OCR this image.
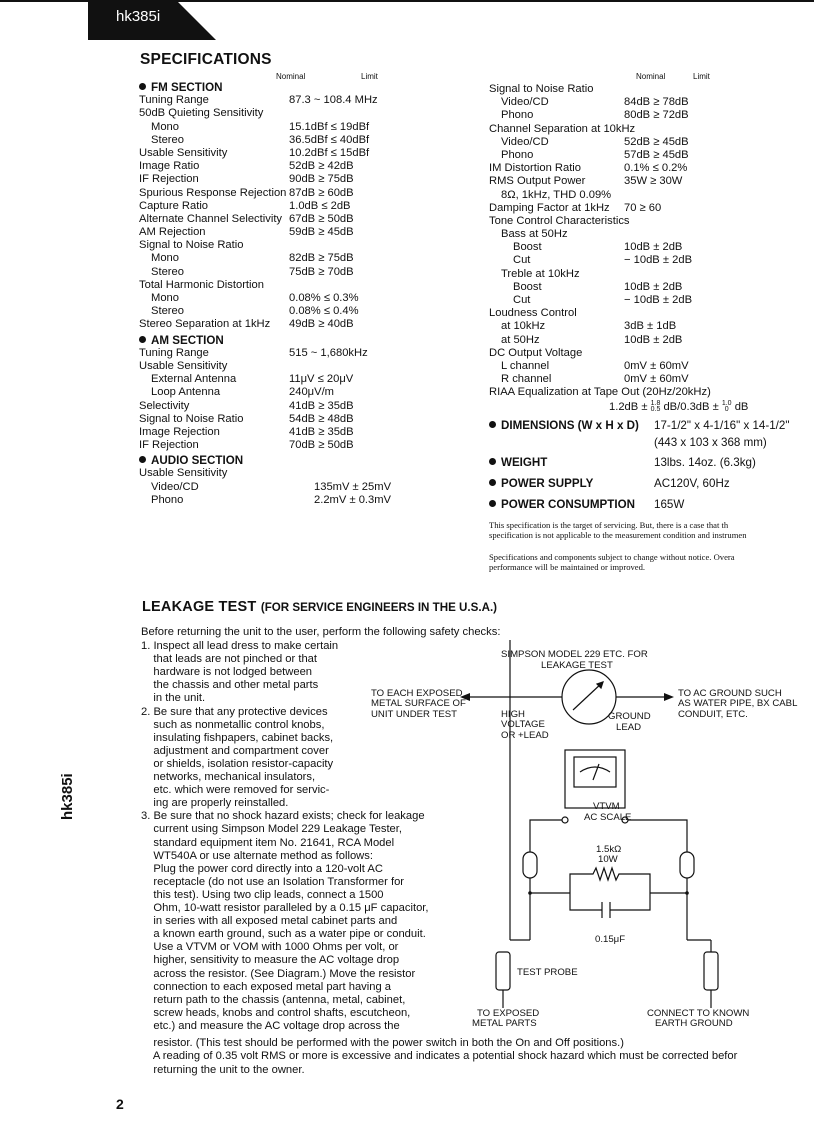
hk385i
SPECIFICATIONS
Nominal	Limit
FM SECTION
Tuning Range	87.3 ~ 108.4 MHz
50dB Quieting Sensitivity
Mono	15.1dBf ≤ 19dBf
Stereo	36.5dBf ≤ 40dBf
Usable Sensitivity	10.2dBf ≤ 15dBf
Image Ratio	52dB ≥ 42dB
IF Rejection	90dB ≥ 75dB
Spurious Response Rejection 87dB ≥ 60dB
Capture Ratio	1.0dB ≤ 2dB
Alternate Channel Selectivity 67dB ≥ 50dB
AM Rejection	59dB ≥ 45dB
Signal to Noise Ratio
Mono	82dB ≥ 75dB
Stereo	75dB ≥ 70dB
Total Harmonic Distortion
Mono	0.08% ≤ 0.3%
Stereo	0.08% ≤ 0.4%
Stereo Separation at 1kHz 49dB ≥ 40dB
AM SECTION
Tuning Range	515 ~ 1,680kHz
Usable Sensitivity
External Antenna	11μV ≤ 20μV
Loop Antenna	240μV/m
Selectivity	41dB ≥ 35dB
Signal to Noise Ratio	54dB ≥ 48dB
Image Rejection	41dB ≥ 35dB
IF Rejection	70dB ≥ 50dB
AUDIO SECTION
Usable Sensitivity
Video/CD	135mV ± 25mV
Phono	2.2mV ± 0.3mV
Nominal	Limit
Signal to Noise Ratio
Video/CD	84dB ≥ 78dB
Phono	80dB ≥ 72dB
Channel Separation at 10kHz
Video/CD	52dB ≥ 45dB
Phono	57dB ≥ 45dB
IM Distortion Ratio	0.1% ≤ 0.2%
RMS Output Power	35W ≥ 30W
8Ω, 1kHz, THD 0.09%
Damping Factor at 1kHz 70 ≥ 60
Tone Control Characteristics
Bass at 50Hz
Boost	10dB ± 2dB
Cut	− 10dB ± 2dB
Treble at 10kHz
Boost	10dB ± 2dB
Cut	− 10dB ± 2dB
Loudness Control
at 10kHz	3dB ± 1dB
at 50Hz	10dB ± 2dB
DC Output Voltage
L channel	0mV ± 60mV
R channel	0mV ± 60mV
RIAA Equalization at Tape Out (20Hz/20kHz)
1.2dB ± 1.8
0.5 dB/0.3dB ± 1.0
0 dB
DIMENSIONS (W x H x D) 17-1/2" x 4-1/16" x 14-1/2"
(443 x 103 x 368 mm)
WEIGHT	13lbs. 14oz. (6.3kg)
POWER SUPPLY	AC120V, 60Hz
POWER CONSUMPTION 165W
This specification is the target of servicing. But, there is a case that th
specification is not applicable to the measurement condition and instrumen
Specifications and components subject to change without notice. Overa
performance will be maintained or improved.
LEAKAGE TEST (FOR SERVICE ENGINEERS IN THE U.S.A.)
Before returning the unit to the user, perform the following safety checks:
1. Inspect all lead dress to make certain
that leads are not pinched or that
hardware is not lodged between
the chassis and other metal parts
in the unit.
2. Be sure that any protective devices
such as nonmetallic control knobs,
insulating fishpapers, cabinet backs,
adjustment and compartment cover
or shields, isolation resistor-capacity
networks, mechanical insulators,
etc. which were removed for servic-
ing are properly reinstalled.
3. Be sure that no shock hazard exists; check for leakage
current using Simpson Model 229 Leakage Tester,
standard equipment item No. 21641, RCA Model
WT540A or use alternate method as follows:
Plug the power cord directly into a 120-volt AC
receptacle (do not use an Isolation Transformer for
this test). Using two clip leads, connect a 1500
Ohm, 10-watt resistor paralleled by a 0.15 μF capacitor,
in series with all exposed metal cabinet parts and
a known earth ground, such as a water pipe or conduit.
Use a VTVM or VOM with 1000 Ohms per volt, or
higher, sensitivity to measure the AC voltage drop
across the resistor. (See Diagram.) Move the resistor
connection to each exposed metal part having a
return path to the chassis (antenna, metal, cabinet,
screw heads, knobs and control shafts, escutcheon,
etc.) and measure the AC voltage drop across the
resistor. (This test should be performed with the power switch in both the On and Off positions.)
A reading of 0.35 volt RMS or more is excessive and indicates a potential shock hazard which must be corrected befor
returning the unit to the owner.
SIMPSON MODEL 229 ETC. FOR
LEAKAGE TEST
TO EACH EXPOSED
METAL SURFACE OF
UNIT UNDER TEST
TO AC GROUND SUCH
AS WATER PIPE, BX CABL
CONDUIT, ETC.
HIGH
VOLTAGE
OR +LEAD
GROUND
LEAD
VTVM
AC SCALE
1.5kΩ
10W
0.15μF
TEST PROBE
TO EXPOSED
METAL PARTS
CONNECT TO KNOWN
EARTH GROUND
hk385i
2
